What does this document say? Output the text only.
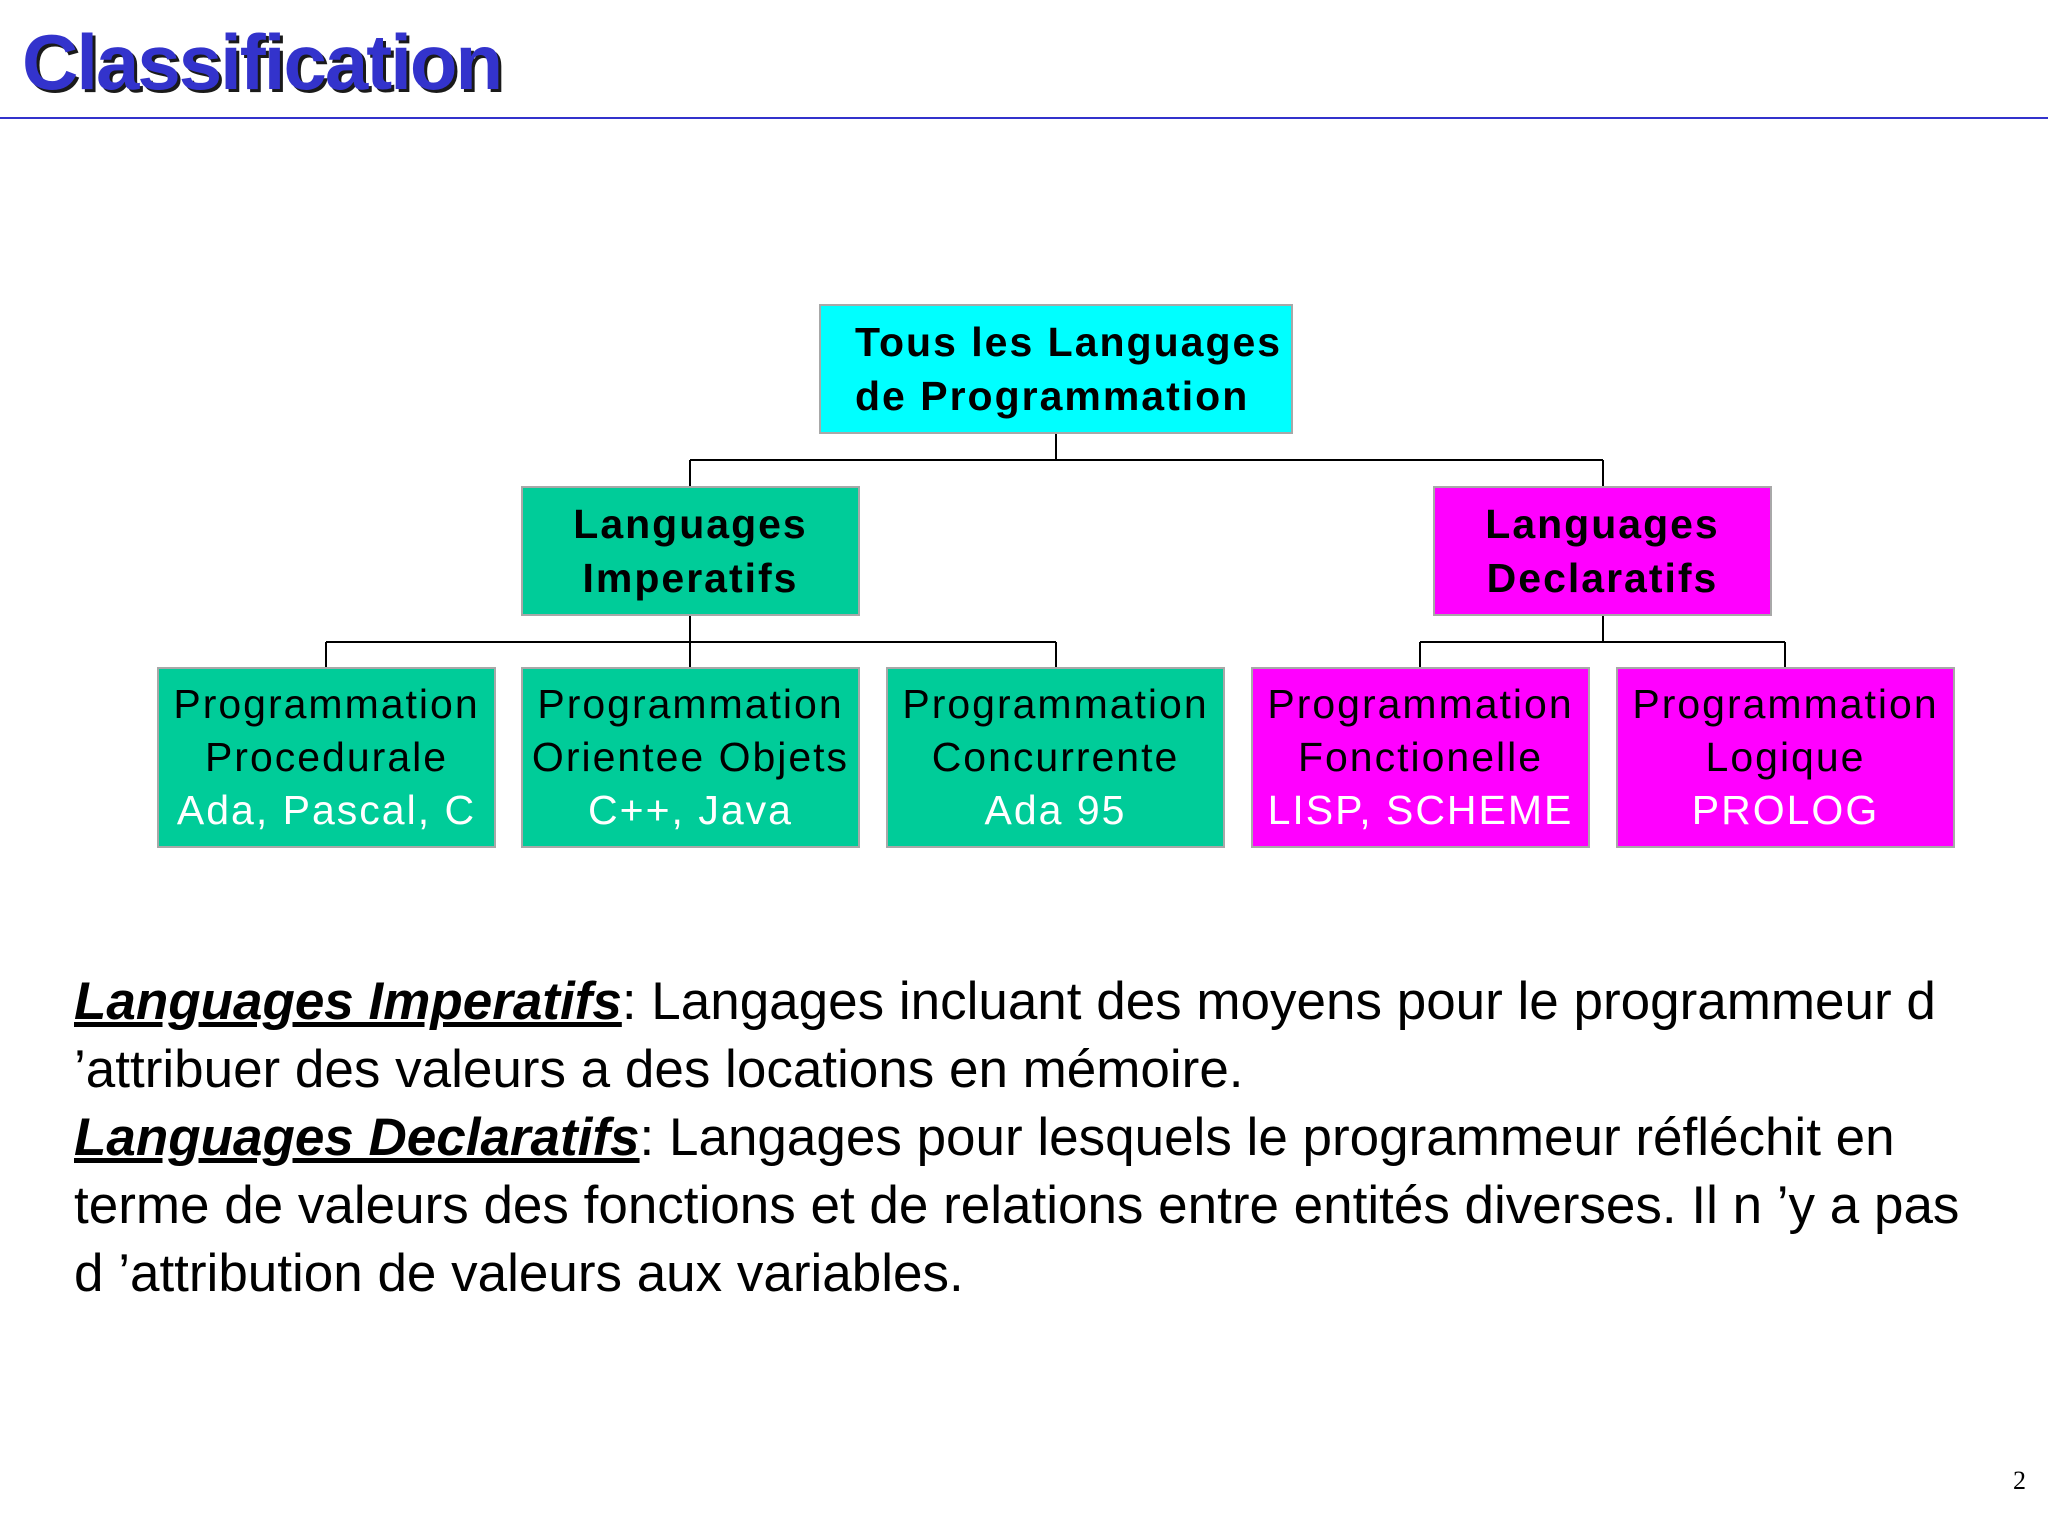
Classification
Tous les Languages
de Programmation
Languages
Imperatifs
Languages
Declaratifs
Programmation
Procedurale
Ada, Pascal, C
Programmation
Orientee Objets
C++, Java
Programmation
Concurrente
Ada 95
Programmation
Fonctionelle
LISP, SCHEME
Programmation
Logique
PROLOG

Languages Imperatifs: Langages incluant des moyens pour le programmeur d ’attribuer des valeurs a des locations en mémoire.

Languages Declaratifs: Langages pour lesquels le programmeur réfléchit en terme de valeurs des fonctions et de relations entre entités diverses. Il n ’y a pas d ’attribution de valeurs aux variables.

2
